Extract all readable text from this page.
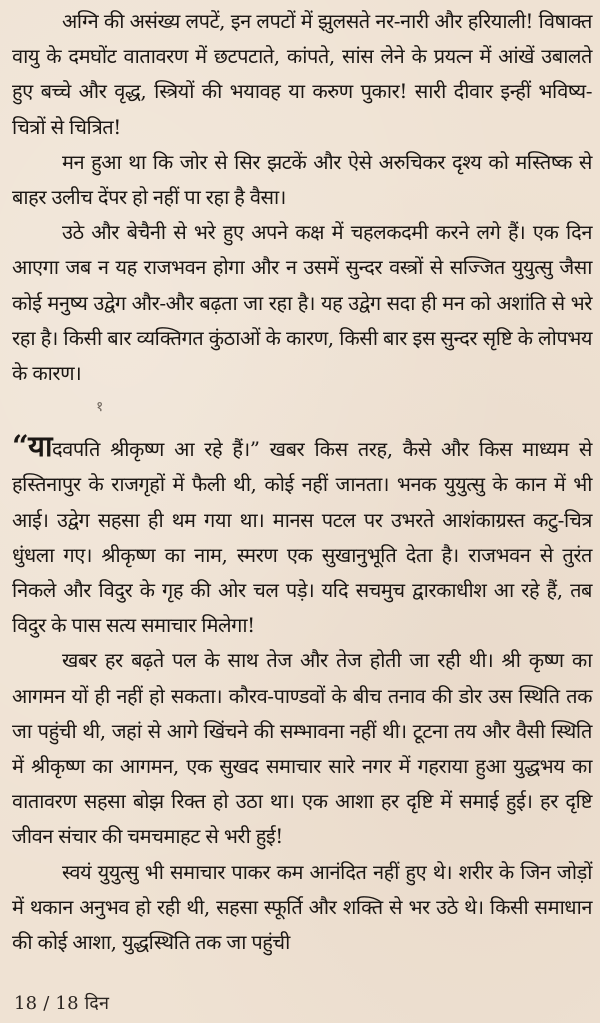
अग्नि की असंख्य लपटें, इन लपटों में झुलसते नर-नारी और हरियाली! विषाक्त वायु के दमघोंट वातावरण में छटपटाते, कांपते, सांस लेने के प्रयत्न में आंखें उबालते हुए बच्चे और वृद्ध, स्त्रियों की भयावह या करुण पुकार! सारी दीवार इन्हीं भविष्य-चित्रों से चित्रित!

मन हुआ था कि जोर से सिर झटकें और ऐसे अरुचिकर दृश्य को मस्तिष्क से बाहर उलीच देंपर हो नहीं पा रहा है वैसा।

उठे और बेचैनी से भरे हुए अपने कक्ष में चहलकदमी करने लगे हैं। एक दिन आएगा जब न यह राजभवन होगा और न उसमें सुन्दर वस्त्रों से सज्जित युयुत्सु जैसा कोई मनुष्य उद्वेग और-और बढ़ता जा रहा है। यह उद्वेग सदा ही मन को अशांति से भरे रहा है। किसी बार व्यक्तिगत कुंठाओं के कारण, किसी बार इस सुन्दर सृष्टि के लोपभय के कारण।

१

“यादवपति श्रीकृष्ण आ रहे हैं।” खबर किस तरह, कैसे और किस माध्यम से हस्तिनापुर के राजगृहों में फैली थी, कोई नहीं जानता। भनक युयुत्सु के कान में भी आई। उद्वेग सहसा ही थम गया था। मानस पटल पर उभरते आशंकाग्रस्त कटु-चित्र धुंधला गए। श्रीकृष्ण का नाम, स्मरण एक सुखानुभूति देता है। राजभवन से तुरंत निकले और विदुर के गृह की ओर चल पड़े। यदि सचमुच द्वारकाधीश आ रहे हैं, तब विदुर के पास सत्य समाचार मिलेगा!

खबर हर बढ़ते पल के साथ तेज और तेज होती जा रही थी। श्री कृष्ण का आगमन यों ही नहीं हो सकता। कौरव-पाण्डवों के बीच तनाव की डोर उस स्थिति तक जा पहुंची थी, जहां से आगे खिंचने की सम्भावना नहीं थी। टूटना तय और वैसी स्थिति में श्रीकृष्ण का आगमन, एक सुखद समाचार सारे नगर में गहराया हुआ युद्धभय का वातावरण सहसा बोझ रिक्त हो उठा था। एक आशा हर दृष्टि में समाई हुई। हर दृष्टि जीवन संचार की चमचमाहट से भरी हुई!

स्वयं युयुत्सु भी समाचार पाकर कम आनंदित नहीं हुए थे। शरीर के जिन जोड़ों में थकान अनुभव हो रही थी, सहसा स्फूर्ति और शक्ति से भर उठे थे। किसी समाधान की कोई आशा, युद्धस्थिति तक जा पहुंची

18 / 18 दिन
